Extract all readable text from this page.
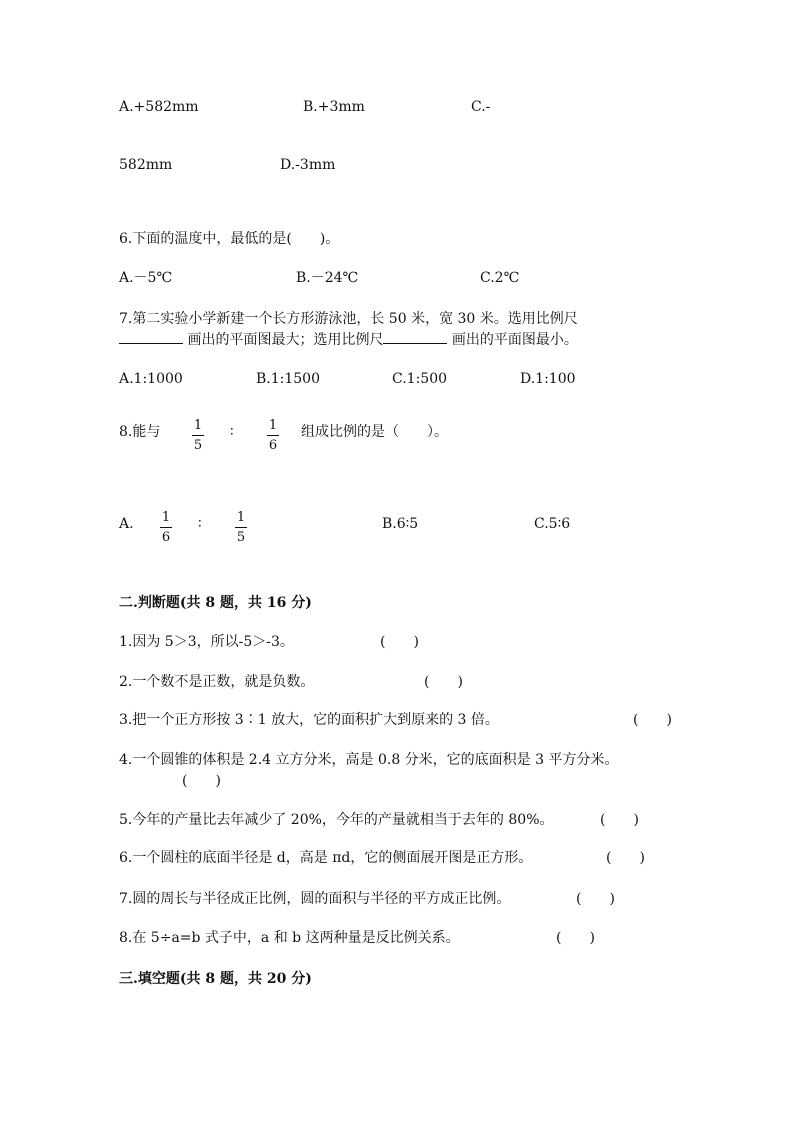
A.+582mm	B.+3mm	C.-
582mm	D.-3mm
6.下面的温度中，最低的是(　　)。
A.－5℃	B.－24℃	C.2℃
7.第二实验小学新建一个长方形游泳池，长 50 米，宽 30 米。选用比例尺
画出的平面图最大；选用比例尺	画出的平面图最小。
A.1:1000	B.1:1500	C.1:500	D.1:100
8.能与	1
5
∶	1
6
组成比例的是（　　）。
A. 1
6
∶	1
5
B.6∶5	C.5∶6
二.判断题(共 8 题，共 16 分)
1.因为 5＞3，所以-5＞-3。	(　　)
2.一个数不是正数，就是负数。	(　　)
3.把一个正方形按 3∶1 放大，它的面积扩大到原来的 3 倍。	(　　)
4.一个圆锥的体积是 2.4 立方分米，高是 0.8 分米，它的底面积是 3 平方分米。
(　　)
5.今年的产量比去年减少了 20%，今年的产量就相当于去年的 80%。	(　　)
6.一个圆柱的底面半径是 d，高是 πd，它的侧面展开图是正方形。	(　　)
7.圆的周长与半径成正比例，圆的面积与半径的平方成正比例。	(　　)
8.在 5÷a=b 式子中，a 和 b 这两种量是反比例关系。	(　　)
三.填空题(共 8 题，共 20 分)
